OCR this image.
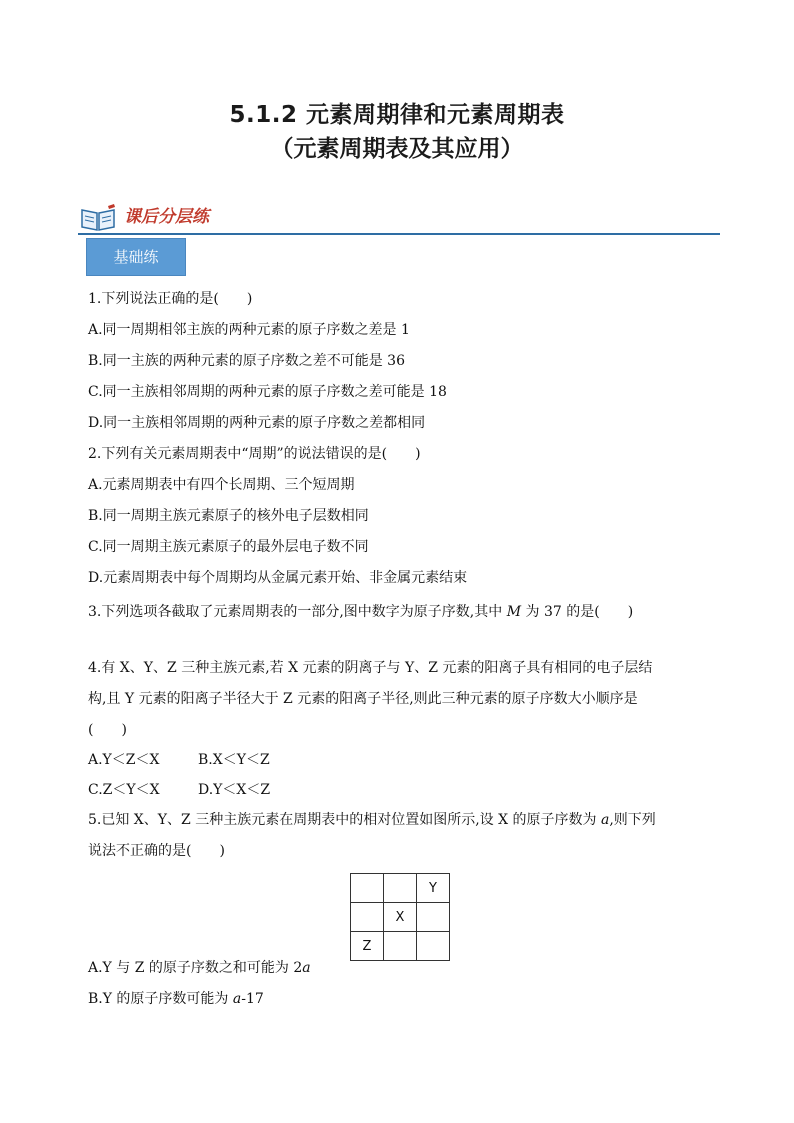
5.1.2 元素周期律和元素周期表
（元素周期表及其应用）
课后分层练
基础练
1.下列说法正确的是(　　)
A.同一周期相邻主族的两种元素的原子序数之差是 1
B.同一主族的两种元素的原子序数之差不可能是 36
C.同一主族相邻周期的两种元素的原子序数之差可能是 18
D.同一主族相邻周期的两种元素的原子序数之差都相同
2.下列有关元素周期表中“周期”的说法错误的是(　　)
A.元素周期表中有四个长周期、三个短周期
B.同一周期主族元素原子的核外电子层数相同
C.同一周期主族元素原子的最外层电子数不同
D.元素周期表中每个周期均从金属元素开始、非金属元素结束
3.下列选项各截取了元素周期表的一部分,图中数字为原子序数,其中 M 为 37 的是(　　)
4.有 X、Y、Z 三种主族元素,若 X 元素的阴离子与 Y、Z 元素的阳离子具有相同的电子层结
构,且 Y 元素的阳离子半径大于 Z 元素的阳离子半径,则此三种元素的原子序数大小顺序是
(　　)
A.Y＜Z＜X	B.X＜Y＜Z
C.Z＜Y＜X	D.Y＜X＜Z
5.已知 X、Y、Z 三种主族元素在周期表中的相对位置如图所示,设 X 的原子序数为 a,则下列
说法不正确的是(　　)
		Y
	X	
Z		
A.Y 与 Z 的原子序数之和可能为 2a
B.Y 的原子序数可能为 a-17
